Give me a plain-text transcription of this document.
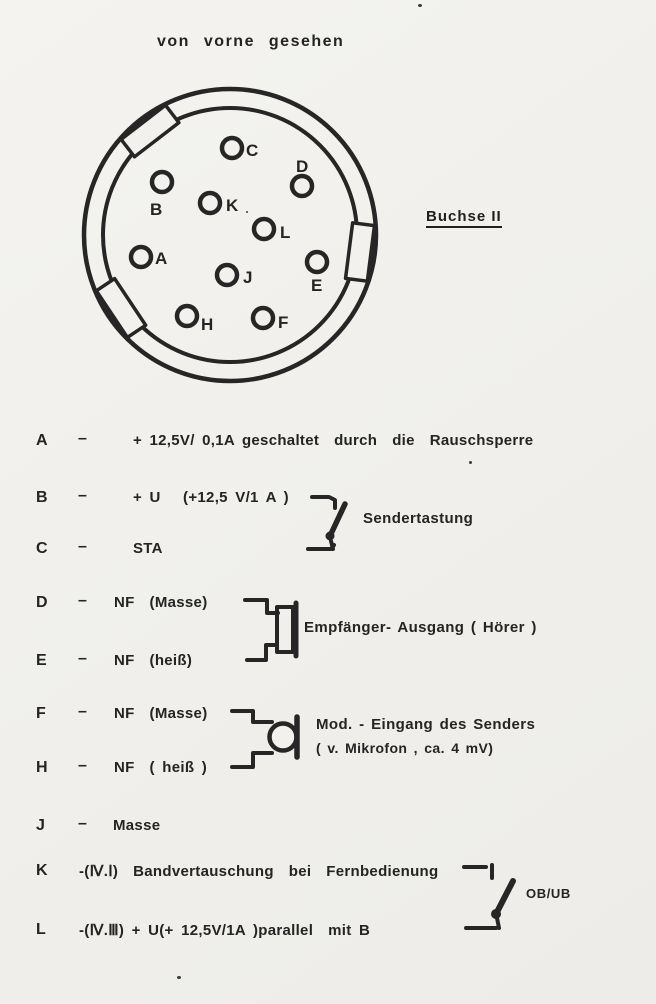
von vorne gesehen
Buchse II
A
B
C
D
E
F
H
J
K
L
A –	+ 12,5V/ 0,1A geschaltet  durch  die  Rauschsperre
B –	+ U   (+12,5 V/1 A )
C –	STA
D – NF  (Masse)
E – NF  (heiß)
F – NF  (Masse)
H – NF  ( heiß )
J – Masse
K -(Ⅳ.Ⅰ)  Bandvertauschung  bei  Fernbedienung
L -(Ⅳ.Ⅲ) + U(+ 12,5V/1A )parallel  mit B
Sendertastung
Empfänger- Ausgang ( Hörer )
Mod. - Eingang des Senders
( v. Mikrofon , ca. 4 mV)
OB/UB
